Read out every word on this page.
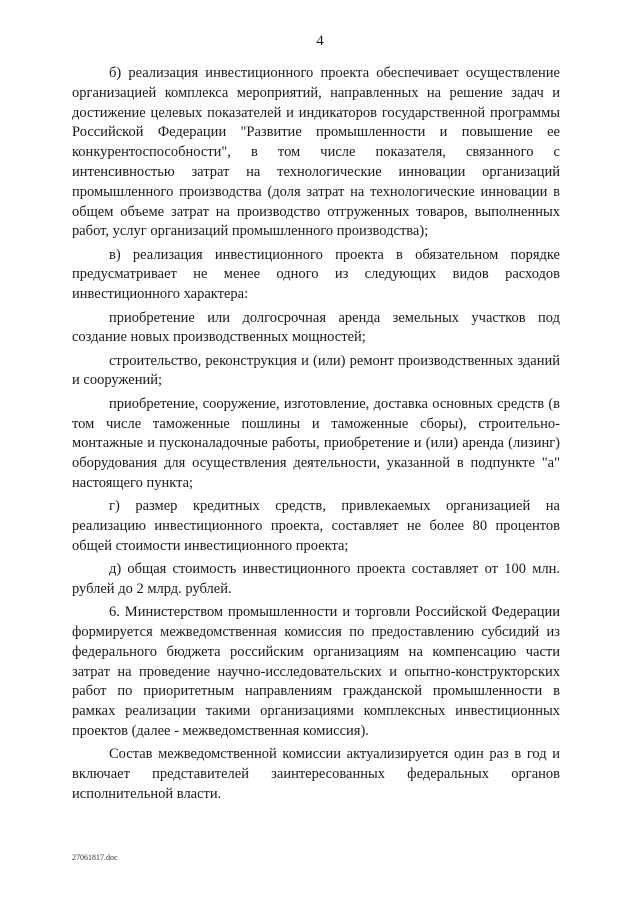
4

б) реализация инвестиционного проекта обеспечивает осуществление организацией комплекса мероприятий, направленных на решение задач и достижение целевых показателей и индикаторов государственной программы Российской Федерации "Развитие промышленности и повышение ее конкурентоспособности", в том числе показателя, связанного с интенсивностью затрат на технологические инновации организаций промышленного производства (доля затрат на технологические инновации в общем объеме затрат на производство отгруженных товаров, выполненных работ, услуг организаций промышленного производства);

в) реализация инвестиционного проекта в обязательном порядке предусматривает не менее одного из следующих видов расходов инвестиционного характера:

приобретение или долгосрочная аренда земельных участков под создание новых производственных мощностей;

строительство, реконструкция и (или) ремонт производственных зданий и сооружений;

приобретение, сооружение, изготовление, доставка основных средств (в том числе таможенные пошлины и таможенные сборы), строительно-монтажные и пусконаладочные работы, приобретение и (или) аренда (лизинг) оборудования для осуществления деятельности, указанной в подпункте "а" настоящего пункта;

г) размер кредитных средств, привлекаемых организацией на реализацию инвестиционного проекта, составляет не более 80 процентов общей стоимости инвестиционного проекта;

д) общая стоимость инвестиционного проекта составляет от 100 млн. рублей до 2 млрд. рублей.

6. Министерством промышленности и торговли Российской Федерации формируется межведомственная комиссия по предоставлению субсидий из федерального бюджета российским организациям на компенсацию части затрат на проведение научно-исследовательских и опытно-конструкторских работ по приоритетным направлениям гражданской промышленности в рамках реализации такими организациями комплексных инвестиционных проектов (далее - межведомственная комиссия).

Состав межведомственной комиссии актуализируется один раз в год и включает представителей заинтересованных федеральных органов исполнительной власти.

27061817.doc
